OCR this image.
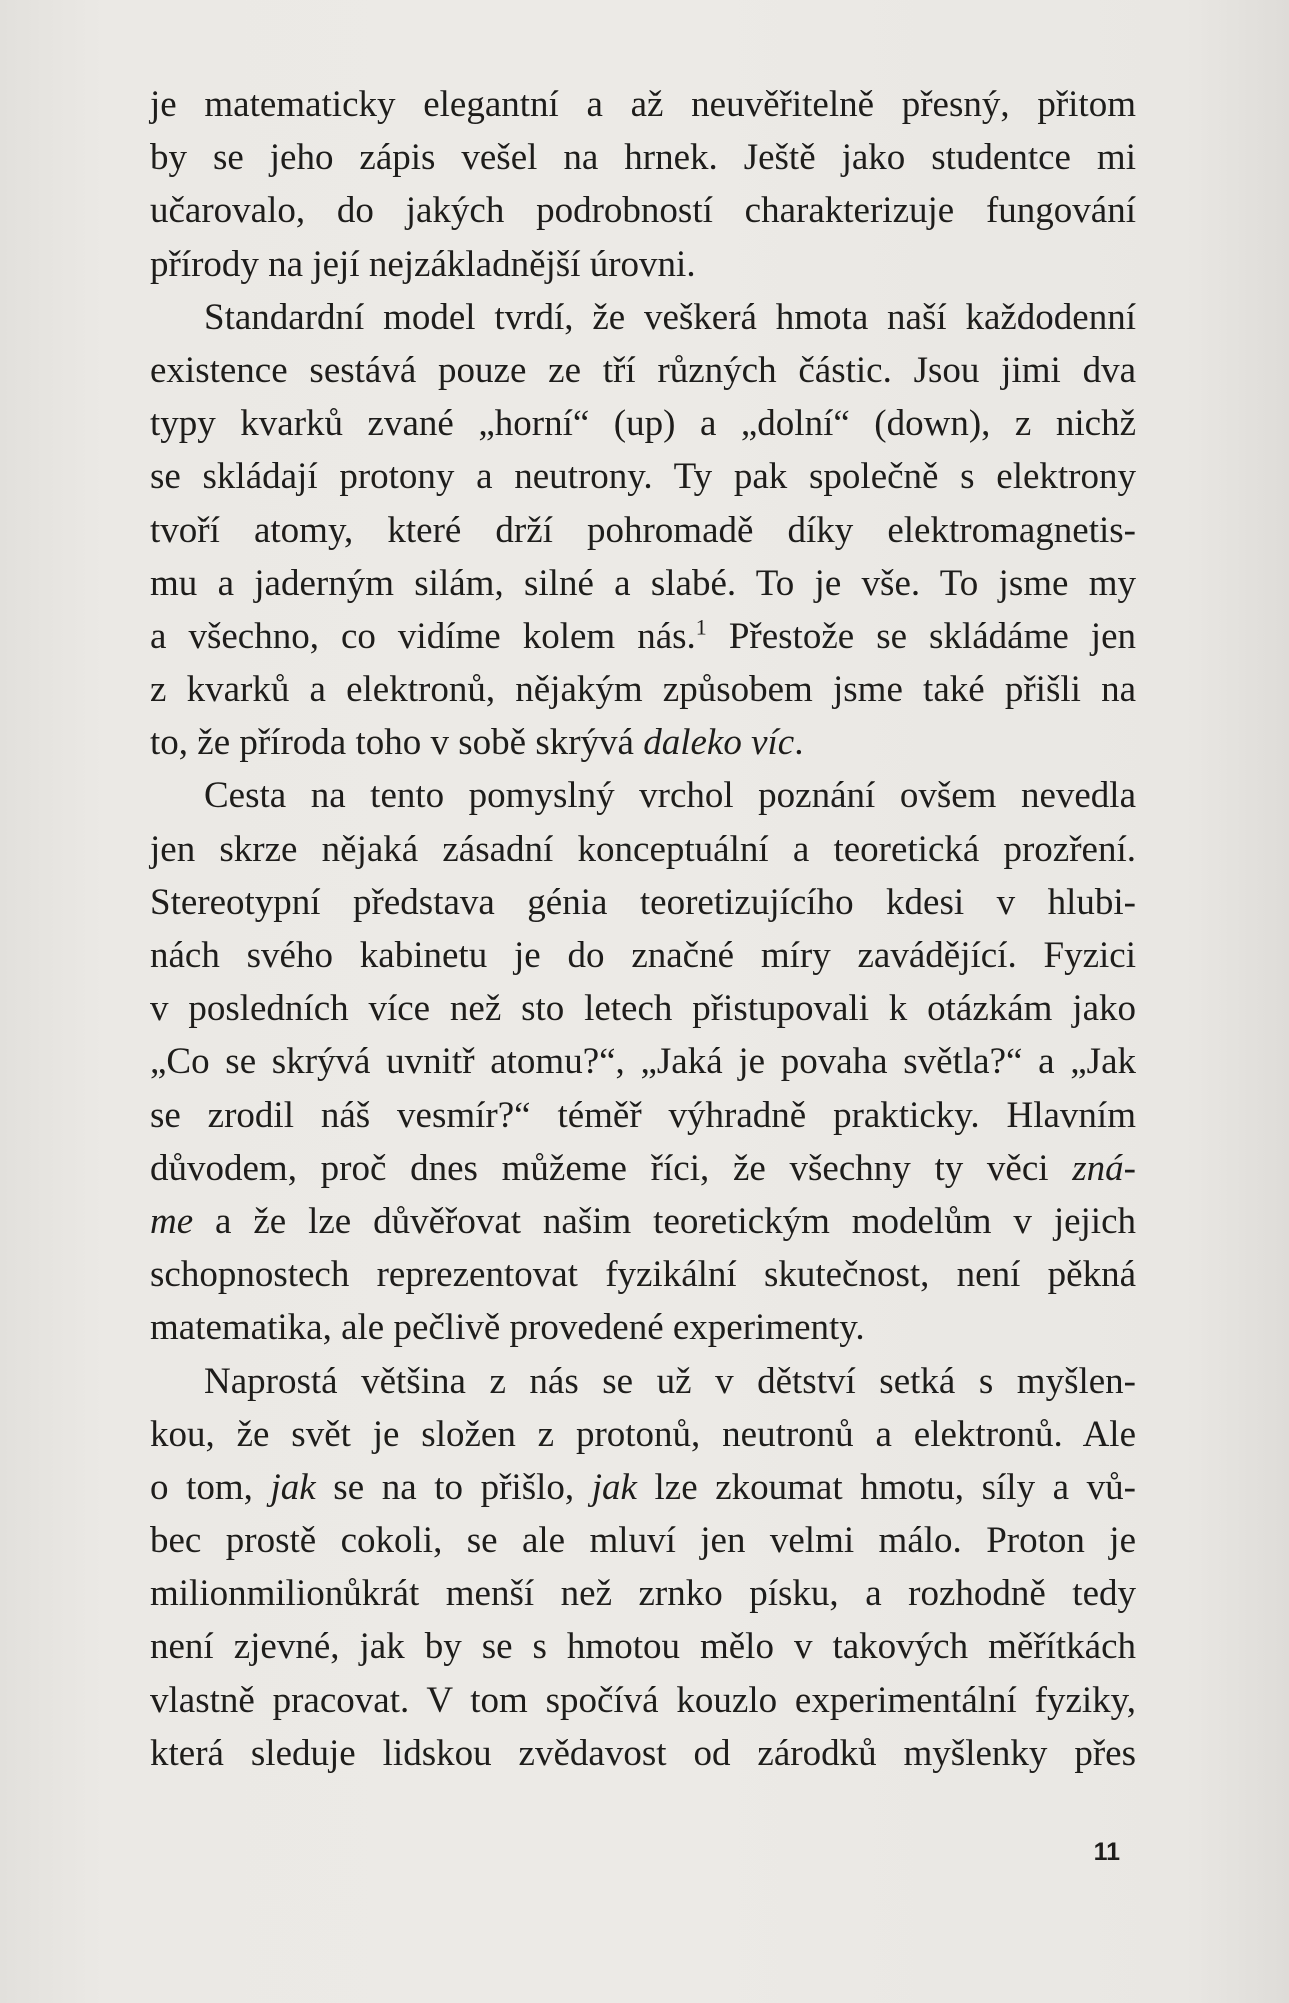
je matematicky elegantní a až neuvěřitelně přesný, přitom
by se jeho zápis vešel na hrnek. Ještě jako studentce mi
učarovalo, do jakých podrobností charakterizuje fungování
přírody na její nejzákladnější úrovni.
Standardní model tvrdí, že veškerá hmota naší každodenní
existence sestává pouze ze tří různých částic. Jsou jimi dva
typy kvarků zvané „horní“ (up) a „dolní“ (down), z nichž
se skládají protony a neutrony. Ty pak společně s elektrony
tvoří atomy, které drží pohromadě díky elektromagnetis-
mu a jaderným silám, silné a slabé. To je vše. To jsme my
a všechno, co vidíme kolem nás.$^1$ Přestože se skládáme jen
z kvarků a elektronů, nějakým způsobem jsme také přišli na
to, že příroda toho v sobě skrývá daleko víc.
Cesta na tento pomyslný vrchol poznání ovšem nevedla
jen skrze nějaká zásadní konceptuální a teoretická prozření.
Stereotypní představa génia teoretizujícího kdesi v hlubi-
nách svého kabinetu je do značné míry zavádějící. Fyzici
v posledních více než sto letech přistupovali k otázkám jako
„Co se skrývá uvnitř atomu?“, „Jaká je povaha světla?“ a „Jak
se zrodil náš vesmír?“ téměř výhradně prakticky. Hlavním
důvodem, proč dnes můžeme říci, že všechny ty věci zná-
me a že lze důvěřovat našim teoretickým modelům v jejich
schopnostech reprezentovat fyzikální skutečnost, není pěkná
matematika, ale pečlivě provedené experimenty.
Naprostá většina z nás se už v dětství setká s myšlen-
kou, že svět je složen z protonů, neutronů a elektronů. Ale
o tom, jak se na to přišlo, jak lze zkoumat hmotu, síly a vů-
bec prostě cokoli, se ale mluví jen velmi málo. Proton je
milionmilionůkrát menší než zrnko písku, a rozhodně tedy
není zjevné, jak by se s hmotou mělo v takových měřítkách
vlastně pracovat. V tom spočívá kouzlo experimentální fyziky,
která sleduje lidskou zvědavost od zárodků myšlenky přes
11
